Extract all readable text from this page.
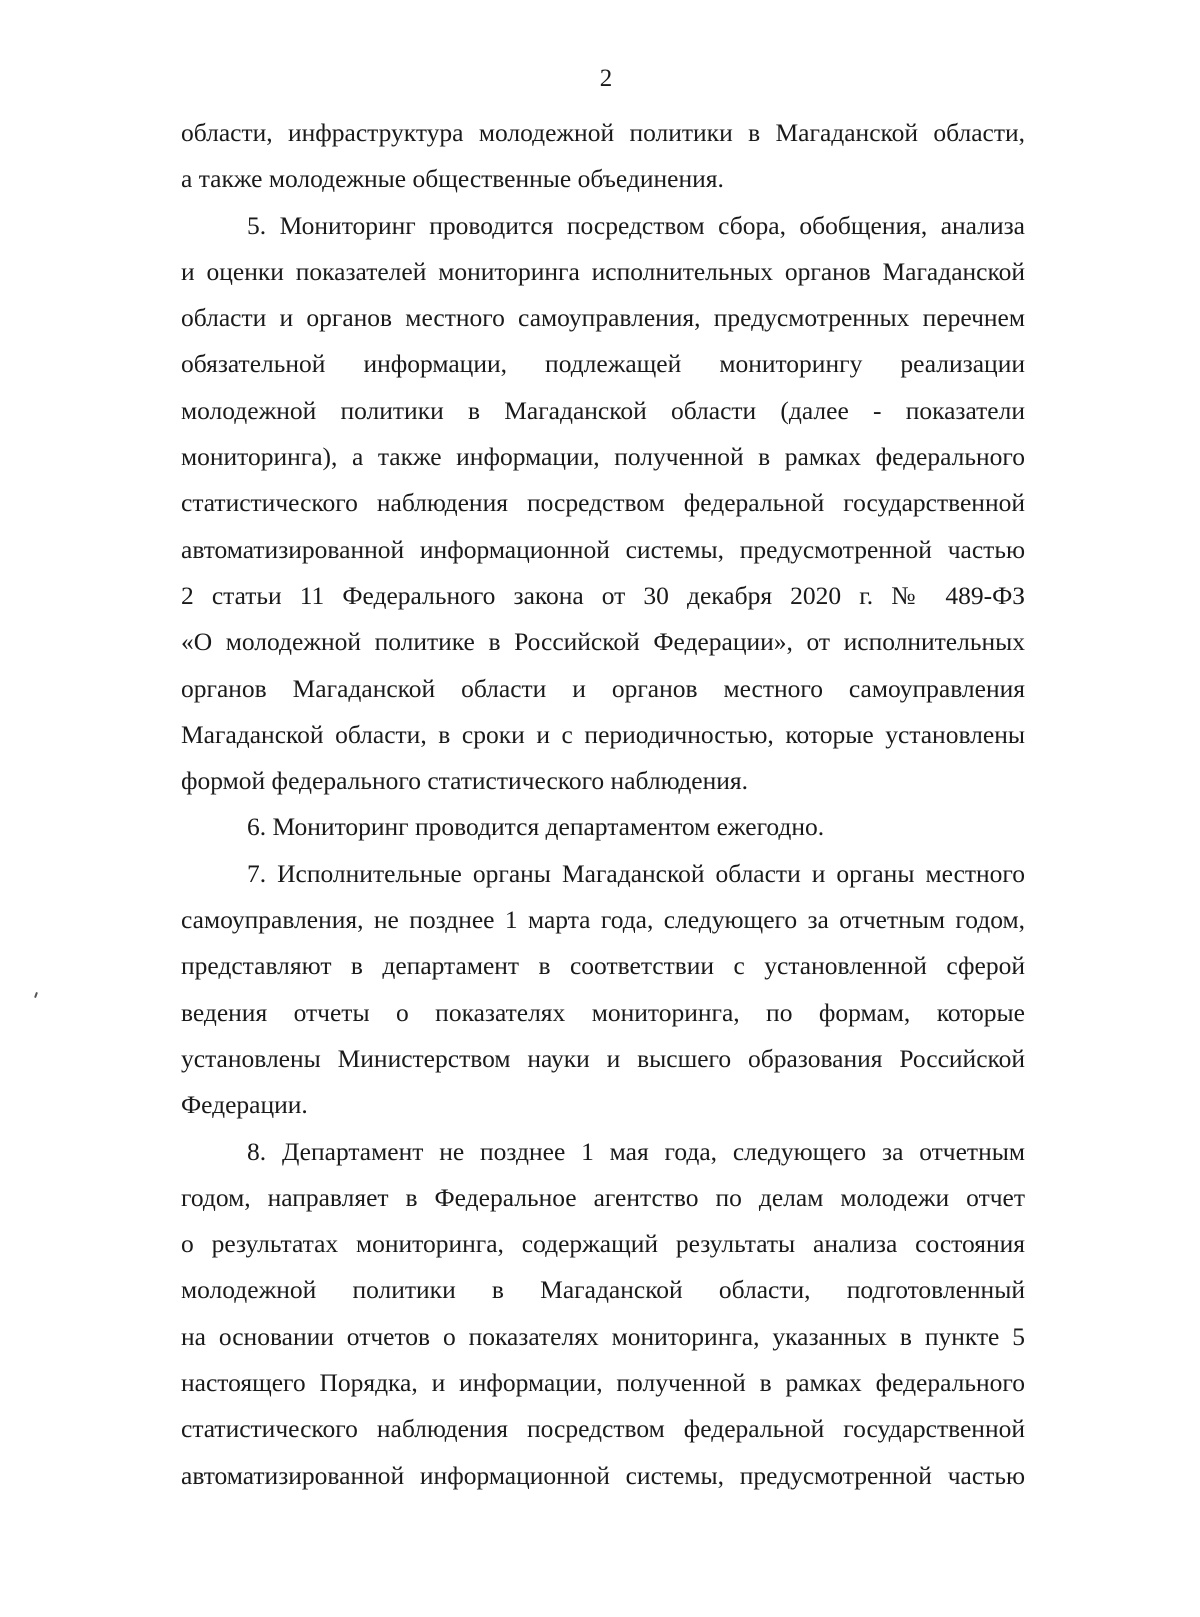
2
области, инфраструктура молодежной политики в Магаданской области,
а также молодежные общественные объединения.
5. Мониторинг проводится посредством сбора, обобщения, анализа
и оценки показателей мониторинга исполнительных органов Магаданской
области и органов местного самоуправления, предусмотренных перечнем
обязательной информации, подлежащей мониторингу реализации
молодежной политики в Магаданской области (далее - показатели
мониторинга), а также информации, полученной в рамках федерального
статистического наблюдения посредством федеральной государственной
автоматизированной информационной системы, предусмотренной частью
2 статьи 11 Федерального закона от 30 декабря 2020 г. № 489-ФЗ
«О молодежной политике в Российской Федерации», от исполнительных
органов Магаданской области и органов местного самоуправления
Магаданской области, в сроки и с периодичностью, которые установлены
формой федерального статистического наблюдения.
6. Мониторинг проводится департаментом ежегодно.
7. Исполнительные органы Магаданской области и органы местного
самоуправления, не позднее 1 марта года, следующего за отчетным годом,
представляют в департамент в соответствии с установленной сферой
ведения отчеты о показателях мониторинга, по формам, которые
установлены Министерством науки и высшего образования Российской
Федерации.
8. Департамент не позднее 1 мая года, следующего за отчетным
годом, направляет в Федеральное агентство по делам молодежи отчет
о результатах мониторинга, содержащий результаты анализа состояния
молодежной политики в Магаданской области, подготовленный
на основании отчетов о показателях мониторинга, указанных в пункте 5
настоящего Порядка, и информации, полученной в рамках федерального
статистического наблюдения посредством федеральной государственной
автоматизированной информационной системы, предусмотренной частью
